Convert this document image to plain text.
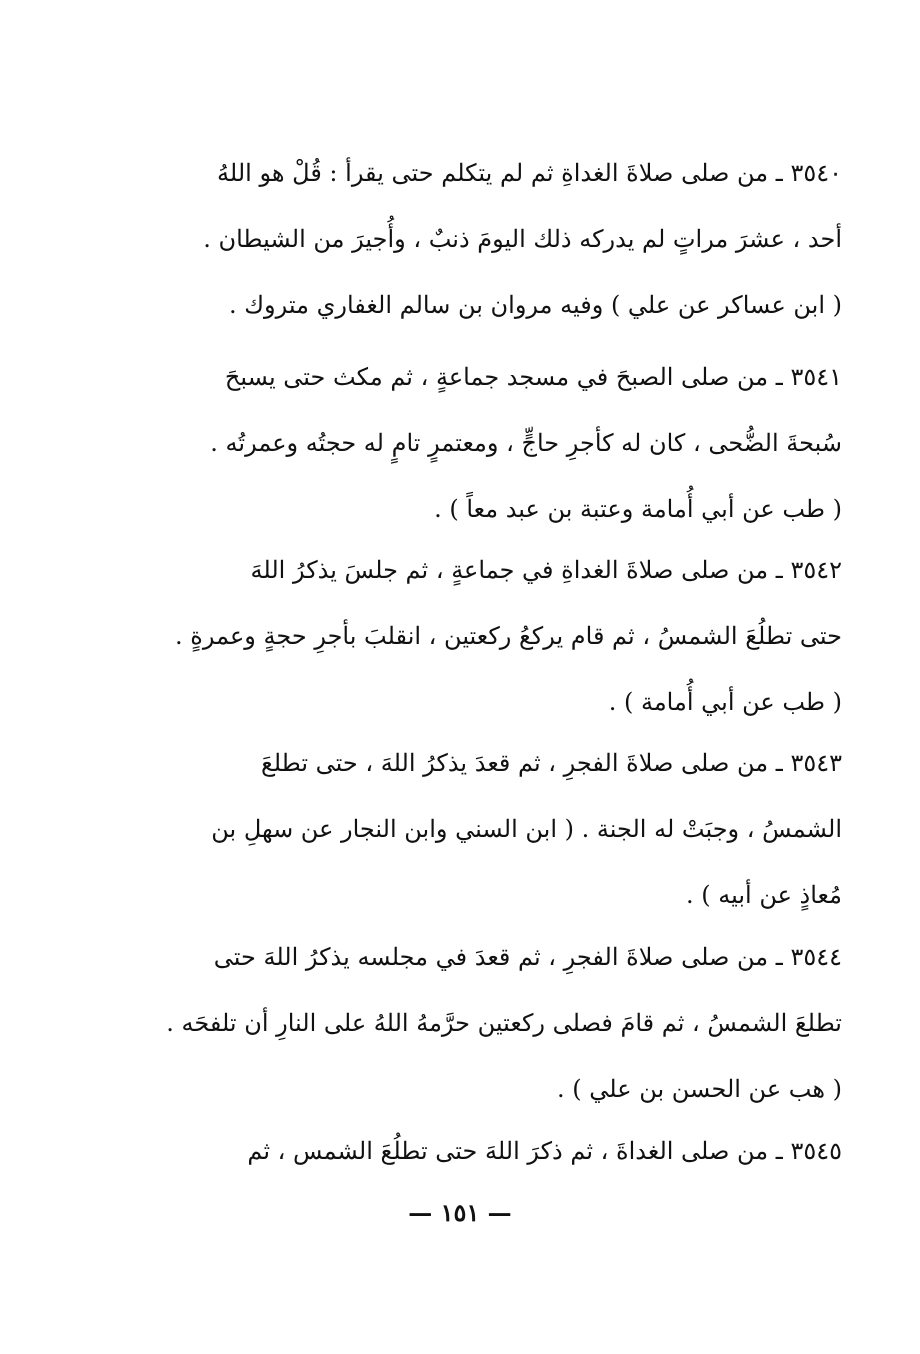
٣٥٤٠ ـ من صلى صلاةَ الغداةِ ثم لم يتكلم حتى يقرأ : قُلْ هو اللهُ
أحد ، عشرَ مراتٍ لم يدركه ذلك اليومَ ذنبٌ ، وأُجيرَ من الشيطان .
( ابن عساكر عن علي ) وفيه مروان بن سالم الغفاري متروك .
٣٥٤١ ـ من صلى الصبحَ في مسجد جماعةٍ ، ثم مكث حتى يسبحَ
سُبحةَ الضُّحى ، كان له كأجرِ حاجٍّ ، ومعتمرٍ تامٍ له حجتُه وعمرتُه .
( طب عن أبي أُمامة وعتبة بن عبد معاً ) .
٣٥٤٢ ـ من صلى صلاةَ الغداةِ في جماعةٍ ، ثم جلسَ يذكرُ اللهَ
حتى تطلُعَ الشمسُ ، ثم قام يركعُ ركعتين ، انقلبَ بأجرِ حجةٍ وعمرةٍ .
( طب عن أبي أُمامة ) .
٣٥٤٣ ـ من صلى صلاةَ الفجرِ ، ثم قعدَ يذكرُ اللهَ ، حتى تطلعَ
الشمسُ ، وجبَتْ له الجنة . ( ابن السني وابن النجار عن سهلِ بن
مُعاذٍ عن أبيه ) .
٣٥٤٤ ـ من صلى صلاةَ الفجرِ ، ثم قعدَ في مجلسه يذكرُ اللهَ حتى
تطلعَ الشمسُ ، ثم قامَ فصلى ركعتين حرَّمهُ اللهُ على النارِ أن تلفحَه .
( هب عن الحسن بن علي ) .
٣٥٤٥ ـ من صلى الغداةَ ، ثم ذكرَ اللهَ حتى تطلُعَ الشمس ، ثم
— ١٥١ —
